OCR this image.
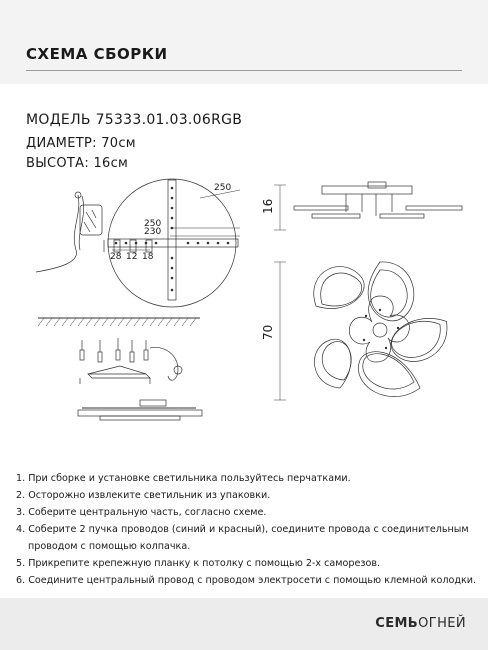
СХЕМА СБОРКИ
МОДЕЛЬ 75333.01.03.06RGB
ДИАМЕТР: 70см
ВЫСОТА: 16см
250
250
230
28 12 18
16
70
1. При сборке и установке светильника пользуйтесь перчатками.
2. Осторожно извлеките светильник из упаковки.
3. Соберите центральную часть, согласно схеме.
4. Соберите 2 пучка проводов (синий и красный), соедините провода с соединительным
проводом с помощью колпачка.
5. Прикрепите крепежную планку к потолку с помощью 2-х саморезов.
6. Соедините центральный провод с проводом электросети с помощью клемной колодки.
СЕМЬОГНЕЙ
